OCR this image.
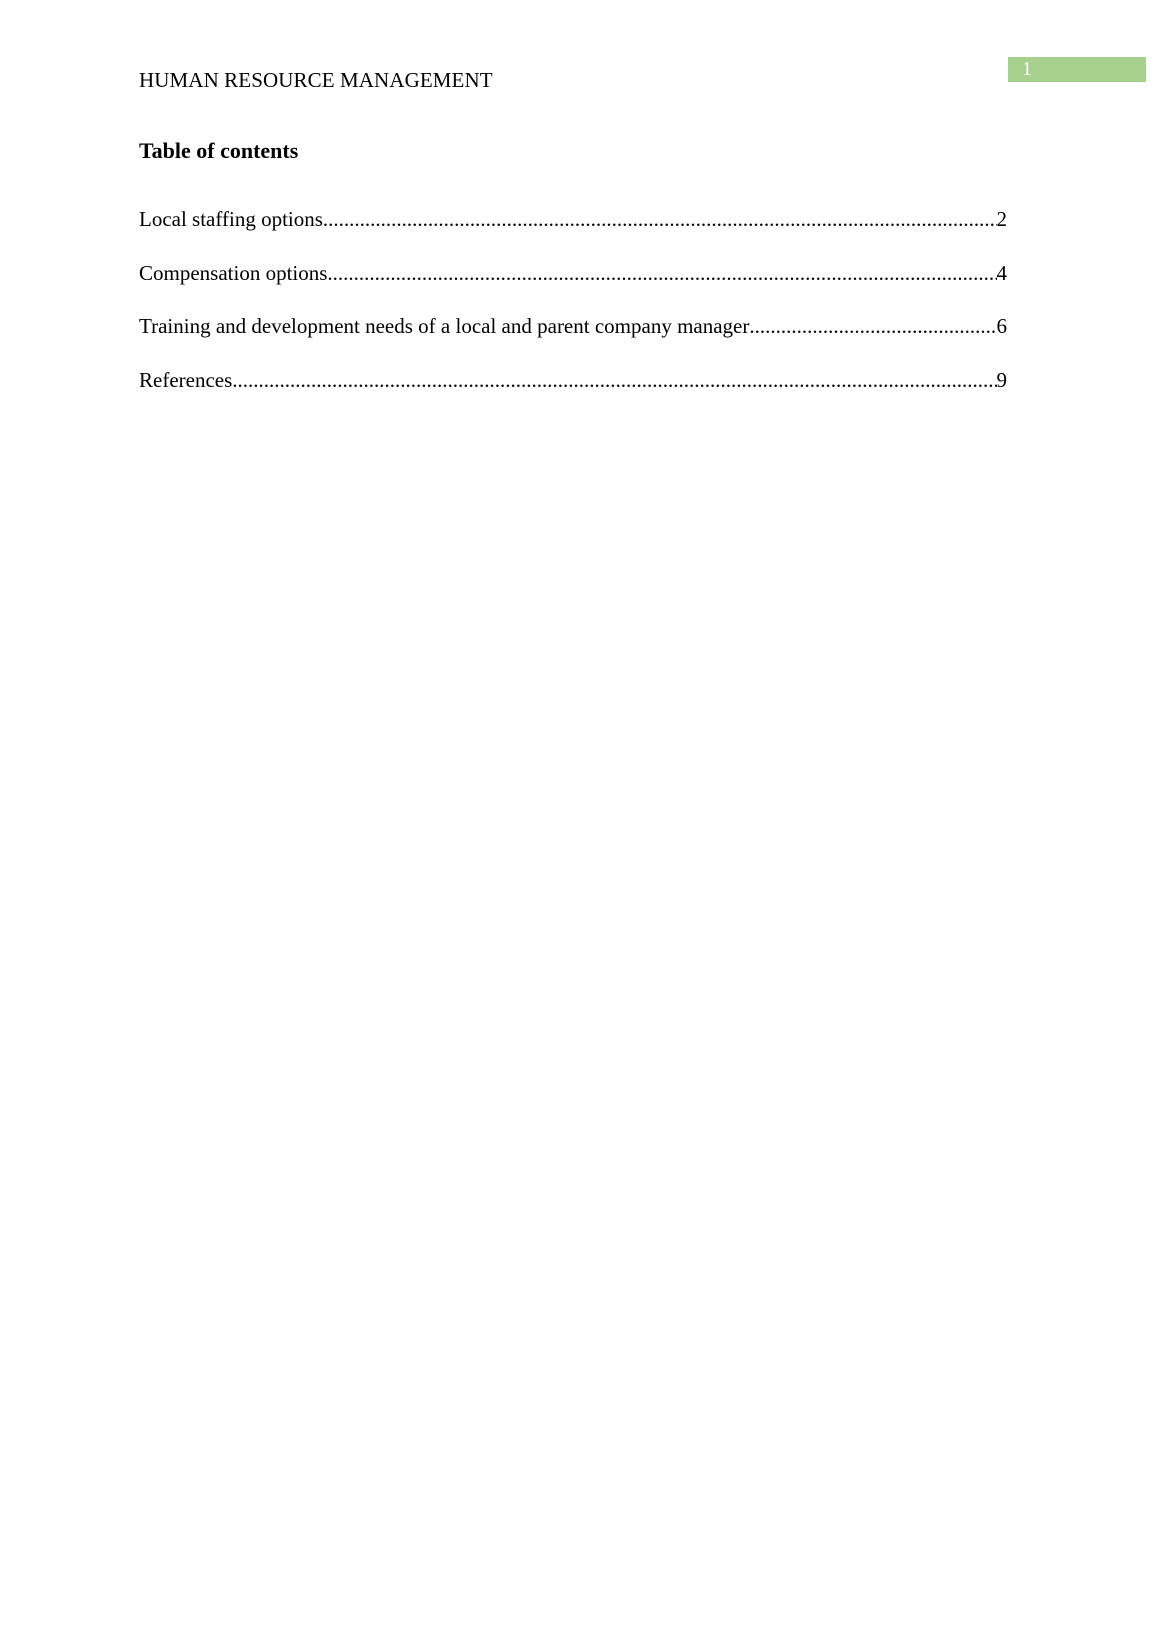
HUMAN RESOURCE MANAGEMENT	1
Table of contents
Local staffing options .....	2
Compensation options .....	4
Training and development needs of a local and parent company manager .....	6
References .....	9
